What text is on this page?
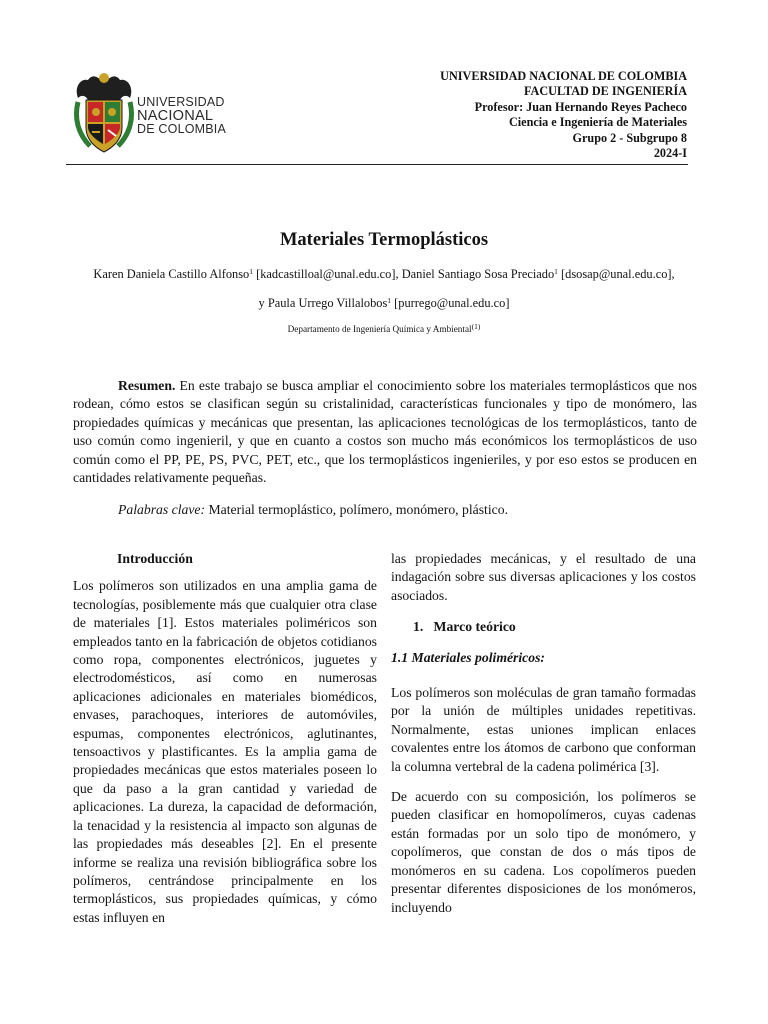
UNIVERSIDAD
NACIONAL
DE COLOMBIA
UNIVERSIDAD NACIONAL DE COLOMBIA
FACULTAD DE INGENIERÍA
Profesor: Juan Hernando Reyes Pacheco
Ciencia e Ingeniería de Materiales
Grupo 2 - Subgrupo 8
2024-I
Materiales Termoplásticos
Karen Daniela Castillo Alfonso$^1$ [kadcastilloal@unal.edu.co], Daniel Santiago Sosa Preciado$^1$ [dsosap@unal.edu.co],
y Paula Urrego Villalobos$^1$ [purrego@unal.edu.co]
Departamento de Ingeniería Química y Ambiental$^{(1)}$

Resumen. En este trabajo se busca ampliar el conocimiento sobre los materiales termoplásticos que nos rodean, cómo estos se clasifican según su cristalinidad, características funcionales y tipo de monómero, las propiedades químicas y mecánicas que presentan, las aplicaciones tecnológicas de los termoplásticos, tanto de uso común como ingenieril, y que en cuanto a costos son mucho más económicos los termoplásticos de uso común como el PP, PE, PS, PVC, PET, etc., que los termoplásticos ingenieriles, y por eso estos se producen en cantidades relativamente pequeñas.

Palabras clave: Material termoplástico, polímero, monómero, plástico.
Introducción

Los polímeros son utilizados en una amplia gama de tecnologías, posiblemente más que cualquier otra clase de materiales [1]. Estos materiales poliméricos son empleados tanto en la fabricación de objetos cotidianos como ropa, componentes electrónicos, juguetes y electrodomésticos, así como en numerosas aplicaciones adicionales en materiales biomédicos, envases, parachoques, interiores de automóviles, espumas, componentes electrónicos, aglutinantes, tensoactivos y plastificantes. Es la amplia gama de propiedades mecánicas que estos materiales poseen lo que da paso a la gran cantidad y variedad de aplicaciones. La dureza, la capacidad de deformación, la tenacidad y la resistencia al impacto son algunas de las propiedades más deseables [2]. En el presente informe se realiza una revisión bibliográfica sobre los polímeros, centrándose principalmente en los termoplásticos, sus propiedades químicas, y cómo estas influyen en

las propiedades mecánicas, y el resultado de una indagación sobre sus diversas aplicaciones y los costos asociados.

1. Marco teórico
1.1 Materiales poliméricos:

Los polímeros son moléculas de gran tamaño formadas por la unión de múltiples unidades repetitivas. Normalmente, estas uniones implican enlaces covalentes entre los átomos de carbono que conforman la columna vertebral de la cadena polimérica [3].

De acuerdo con su composición, los polímeros se pueden clasificar en homopolímeros, cuyas cadenas están formadas por un solo tipo de monómero, y copolímeros, que constan de dos o más tipos de monómeros en su cadena. Los copolímeros pueden presentar diferentes disposiciones de los monómeros, incluyendo
